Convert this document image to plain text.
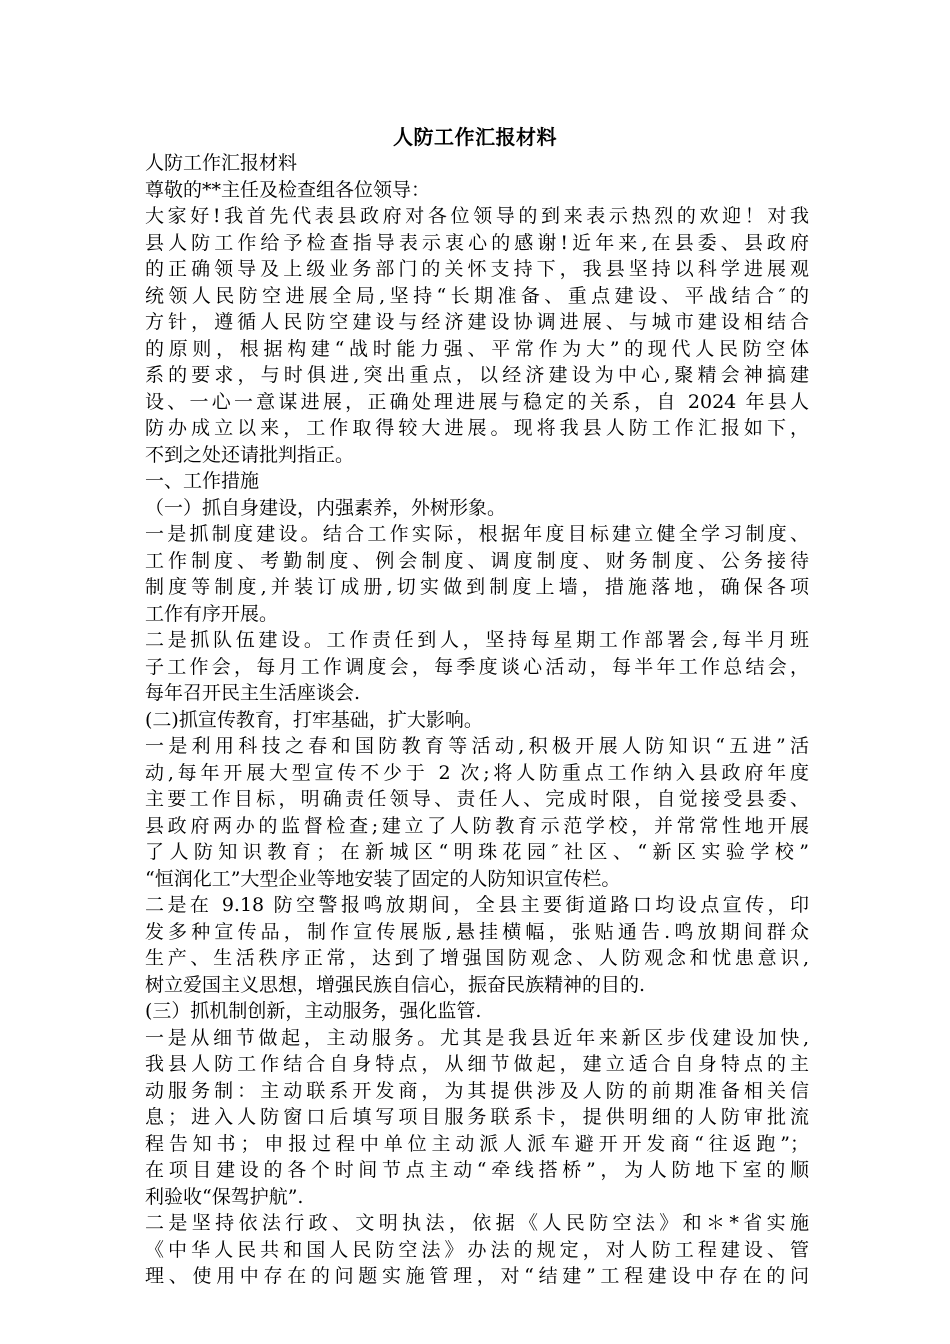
人防工作汇报材料
人防工作汇报材料
尊敬的**主任及检查组各位领导：
大家好!我首先代表县政府对各位领导的到来表示热烈的欢迎！对我
县人防工作给予检查指导表示衷心的感谢!近年来,在县委、县政府
的正确领导及上级业务部门的关怀支持下，我县坚持以科学进展观
统领人民防空进展全局,坚持“长期准备、重点建设、平战结合″的
方针，遵循人民防空建设与经济建设协调进展、与城市建设相结合
的原则，根据构建“战时能力强、平常作为大”的现代人民防空体
系的要求，与时俱进,突出重点，以经济建设为中心,聚精会神搞建
设、一心一意谋进展，正确处理进展与稳定的关系，自 2024 年县人
防办成立以来，工作取得较大进展。现将我县人防工作汇报如下，
不到之处还请批判指正。
一、工作措施
（一）抓自身建设，内强素养，外树形象。
一是抓制度建设。结合工作实际，根据年度目标建立健全学习制度、
工作制度、考勤制度、例会制度、调度制度、财务制度、公务接待
制度等制度,并装订成册,切实做到制度上墙，措施落地，确保各项
工作有序开展。
二是抓队伍建设。工作责任到人，坚持每星期工作部署会,每半月班
子工作会，每月工作调度会，每季度谈心活动，每半年工作总结会，
每年召开民主生活座谈会.
(二)抓宣传教育，打牢基础，扩大影响。
一是利用科技之春和国防教育等活动,积极开展人防知识“五进”活
动,每年开展大型宣传不少于 2 次;将人防重点工作纳入县政府年度
主要工作目标，明确责任领导、责任人、完成时限，自觉接受县委、
县政府两办的监督检查;建立了人防教育示范学校，并常常性地开展
了人防知识教育；在新城区“明珠花园″社区、“新区实验学校”
“恒润化工”大型企业等地安装了固定的人防知识宣传栏。
二是在 9.18 防空警报鸣放期间，全县主要街道路口均设点宣传，印
发多种宣传品，制作宣传展版,悬挂横幅，张贴通告.鸣放期间群众
生产、生活秩序正常，达到了增强国防观念、人防观念和忧患意识,
树立爱国主义思想，增强民族自信心，振奋民族精神的目的.
(三）抓机制创新，主动服务，强化监管.
一是从细节做起，主动服务。尤其是我县近年来新区步伐建设加快,
我县人防工作结合自身特点，从细节做起，建立适合自身特点的主
动服务制：主动联系开发商，为其提供涉及人防的前期准备相关信
息；进入人防窗口后填写项目服务联系卡，提供明细的人防审批流
程告知书；申报过程中单位主动派人派车避开开发商“往返跑”；
在项目建设的各个时间节点主动“牵线搭桥”，为人防地下室的顺
利验收“保驾护航”.
二是坚持依法行政、文明执法，依据《人民防空法》和＊*省实施
《中华人民共和国人民防空法》办法的规定，对人防工程建设、管
理、使用中存在的问题实施管理，对“结建”工程建设中存在的问
